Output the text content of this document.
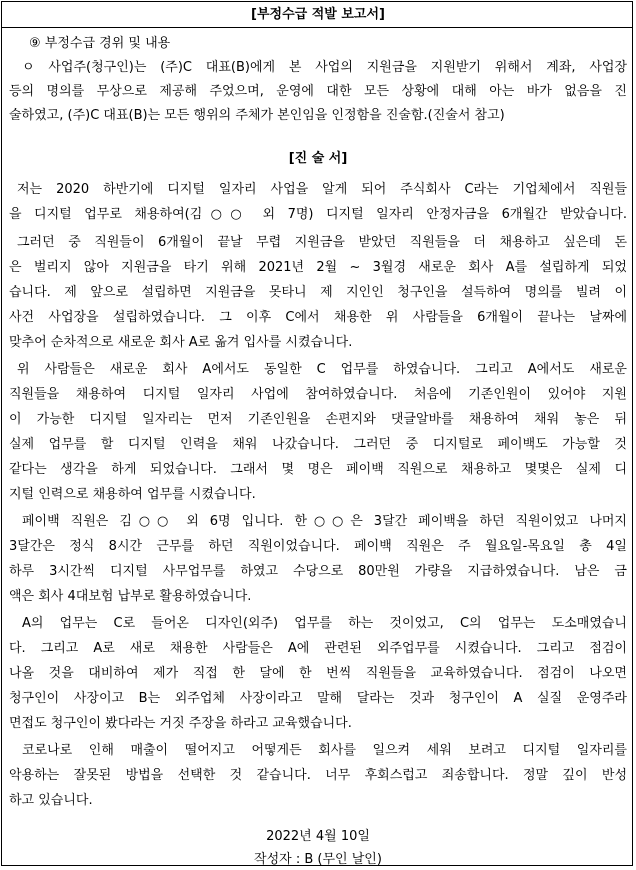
[부정수급 적발 보고서]
⑨ 부정수급 경위 및 내용
ㅇ 사업주(청구인)는 (주)C 대표(B)에게 본 사업의 지원금을 지원받기 위해서 계좌, 사업장
등의 명의를 무상으로 제공해 주었으며, 운영에 대한 모든 상황에 대해 아는 바가 없음을 진
술하였고, (주)C 대표(B)는 모든 행위의 주체가 본인임을 인정함을 진술함.(진술서 참고)
[진 술 서]
저는 2020 하반기에 디지털 일자리 사업을 알게 되어 주식회사 C라는 기업체에서 직원들
을 디지털 업무로 채용하여(김○○ 외 7명) 디지털 일자리 안정자금을 6개월간 받았습니다.
그러던 중 직원들이 6개월이 끝날 무렵 지원금을 받았던 직원들을 더 채용하고 싶은데 돈
은 벌리지 않아 지원금을 타기 위해 2021년 2월 ~ 3월경 새로운 회사 A를 설립하게 되었
습니다. 제 앞으로 설립하면 지원금을 못타니 제 지인인 청구인을 설득하여 명의를 빌려 이
사건 사업장을 설립하였습니다. 그 이후 C에서 채용한 위 사람들을 6개월이 끝나는 날짜에
맞추어 순차적으로 새로운 회사 A로 옮겨 입사를 시켰습니다.
위 사람들은 새로운 회사 A에서도 동일한 C 업무를 하였습니다. 그리고 A에서도 새로운
직원들을 채용하여 디지털 일자리 사업에 참여하였습니다. 처음에 기존인원이 있어야 지원
이 가능한 디지털 일자리는 먼저 기존인원을 손편지와 댓글알바를 채용하여 채워 놓은 뒤
실제 업무를 할 디지털 인력을 채워 나갔습니다. 그러던 중 디지털로 페이백도 가능할 것
같다는 생각을 하게 되었습니다. 그래서 몇 명은 페이백 직원으로 채용하고 몇몇은 실제 디
지털 인력으로 채용하여 업무를 시켰습니다.
페이백 직원은 김○○ 외 6명 입니다. 한○○은 3달간 페이백을 하던 직원이었고 나머지
3달간은 정식 8시간 근무를 하던 직원이었습니다. 페이백 직원은 주 월요일-목요일 총 4일
하루 3시간씩 디지털 사무업무를 하였고 수당으로 80만원 가량을 지급하였습니다. 남은 금
액은 회사 4대보험 납부로 활용하였습니다.
A의 업무는 C로 들어온 디자인(외주) 업무를 하는 것이었고, C의 업무는 도소매였습니
다. 그리고 A로 새로 채용한 사람들은 A에 관련된 외주업무를 시켰습니다. 그리고 점검이
나올 것을 대비하여 제가 직접 한 달에 한 번씩 직원들을 교육하였습니다. 점검이 나오면
청구인이 사장이고 B는 외주업체 사장이라고 말해 달라는 것과 청구인이 A 실질 운영주라
면접도 청구인이 봤다라는 거짓 주장을 하라고 교육했습니다.
코로나로 인해 매출이 떨어지고 어떻게든 회사를 일으켜 세워 보려고 디지털 일자리를
악용하는 잘못된 방법을 선택한 것 같습니다. 너무 후회스럽고 죄송합니다. 정말 깊이 반성
하고 있습니다.
2022년 4월 10일
작성자 : B (무인 날인)
